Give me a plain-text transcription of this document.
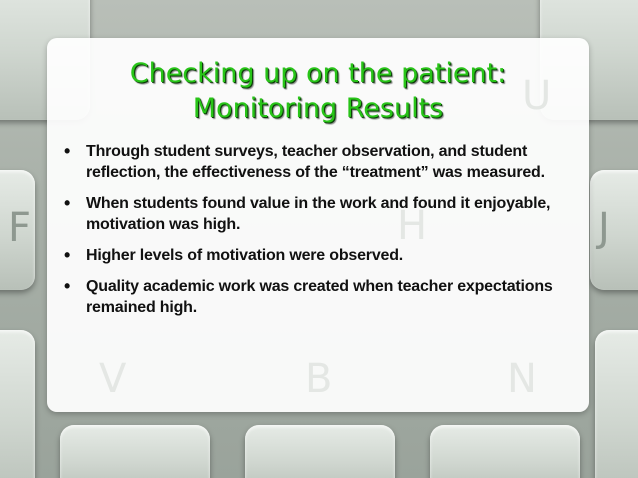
F	J
U
H
V	B	N
Checking up on the patient:
Monitoring Results
• Through student surveys, teacher observation, and student reflection, the effectiveness of the “treatment” was measured.
• When students found value in the work and found it enjoyable, motivation was high.
• Higher levels of motivation were observed.
• Quality academic work was created when teacher expectations remained high.
